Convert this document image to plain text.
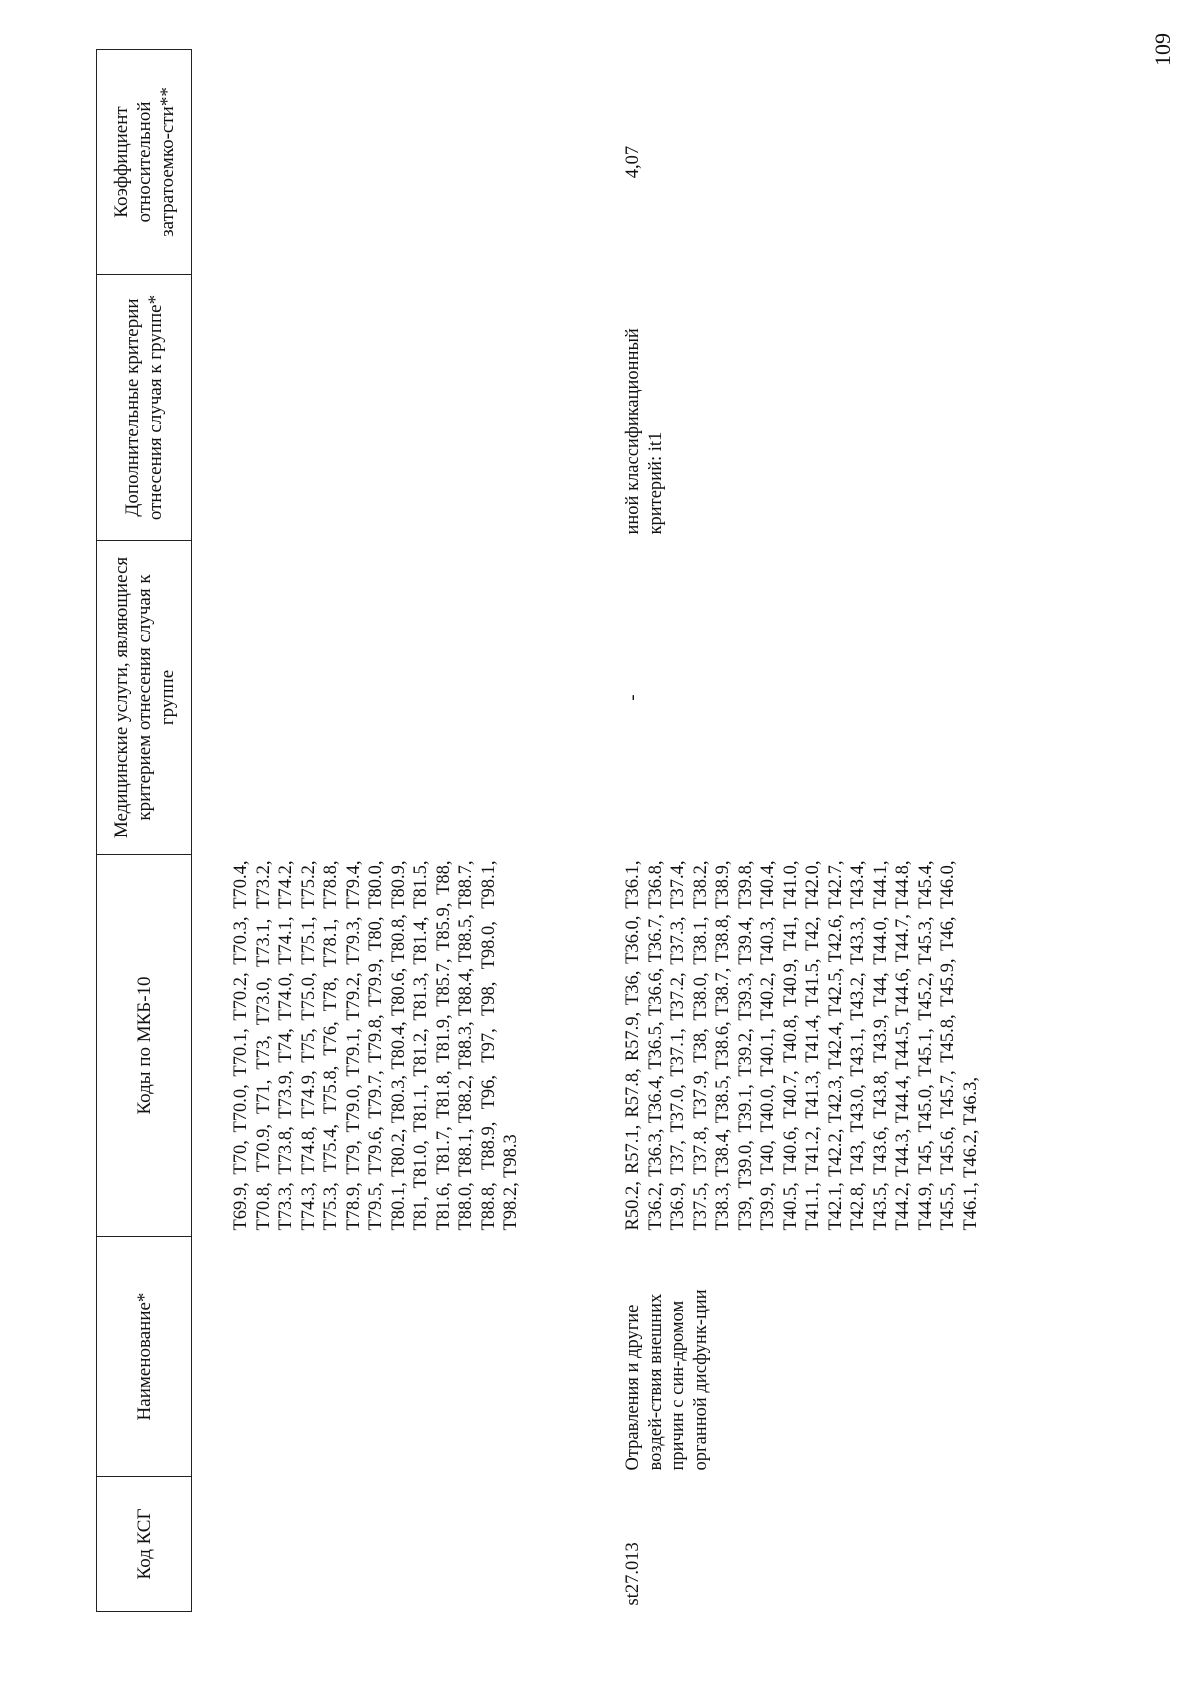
109
Код КСГ	Наименование*	Коды по МКБ-10	Медицинские услуги, являющиеся критерием отнесения случая к группе	Дополнительные критерии отнесения случая к группе*	Коэффициент относительной затратоемко-сти**
		T69.9, T70, T70.0, T70.1, T70.2, T70.3, T70.4, T70.8, T70.9, T71, T73, T73.0, T73.1, T73.2, T73.3, T73.8, T73.9, T74, T74.0, T74.1, T74.2, T74.3, T74.8, T74.9, T75, T75.0, T75.1, T75.2, T75.3, T75.4, T75.8, T76, T78, T78.1, T78.8, T78.9, T79, T79.0, T79.1, T79.2, T79.3, T79.4, T79.5, T79.6, T79.7, T79.8, T79.9, T80, T80.0, T80.1, T80.2, T80.3, T80.4, T80.6, T80.8, T80.9, T81, T81.0, T81.1, T81.2, T81.3, T81.4, T81.5, T81.6, T81.7, T81.8, T81.9, T85.7, T85.9, T88, T88.0, T88.1, T88.2, T88.3, T88.4, T88.5, T88.7, T88.8, T88.9, T96, T97, T98, T98.0, T98.1, T98.2, T98.3			
st27.013	Отравления и другие воздей-ствия внешних причин с син-дромом органной дисфунк-ции	R50.2, R57.1, R57.8, R57.9, T36, T36.0, T36.1, T36.2, T36.3, T36.4, T36.5, T36.6, T36.7, T36.8, T36.9, T37, T37.0, T37.1, T37.2, T37.3, T37.4, T37.5, T37.8, T37.9, T38, T38.0, T38.1, T38.2, T38.3, T38.4, T38.5, T38.6, T38.7, T38.8, T38.9, T39, T39.0, T39.1, T39.2, T39.3, T39.4, T39.8, T39.9, T40, T40.0, T40.1, T40.2, T40.3, T40.4, T40.5, T40.6, T40.7, T40.8, T40.9, T41, T41.0, T41.1, T41.2, T41.3, T41.4, T41.5, T42, T42.0, T42.1, T42.2, T42.3, T42.4, T42.5, T42.6, T42.7, T42.8, T43, T43.0, T43.1, T43.2, T43.3, T43.4, T43.5, T43.6, T43.8, T43.9, T44, T44.0, T44.1, T44.2, T44.3, T44.4, T44.5, T44.6, T44.7, T44.8, T44.9, T45, T45.0, T45.1, T45.2, T45.3, T45.4, T45.5, T45.6, T45.7, T45.8, T45.9, T46, T46.0, T46.1, T46.2, T46.3,	-	иной классификационный критерий: it1	4,07
